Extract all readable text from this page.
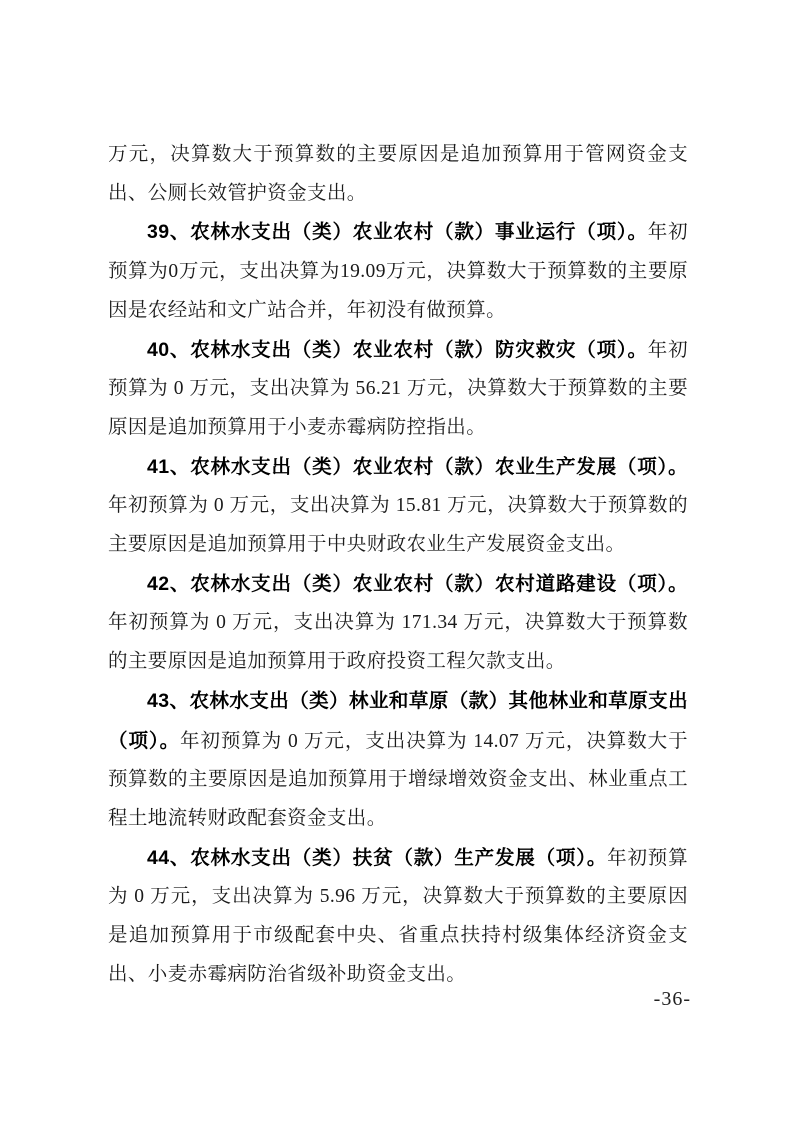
万元，决算数大于预算数的主要原因是追加预算用于管网资金支出、公厕长效管护资金支出。

39、农林水支出（类）农业农村（款）事业运行（项）。年初预算为0万元，支出决算为19.09万元，决算数大于预算数的主要原因是农经站和文广站合并，年初没有做预算。

40、农林水支出（类）农业农村（款）防灾救灾（项）。年初预算为 0 万元，支出决算为 56.21 万元，决算数大于预算数的主要原因是追加预算用于小麦赤霉病防控指出。

41、农林水支出（类）农业农村（款）农业生产发展（项）。年初预算为 0 万元，支出决算为 15.81 万元，决算数大于预算数的主要原因是追加预算用于中央财政农业生产发展资金支出。

42、农林水支出（类）农业农村（款）农村道路建设（项）。年初预算为 0 万元，支出决算为 171.34 万元，决算数大于预算数的主要原因是追加预算用于政府投资工程欠款支出。

43、农林水支出（类）林业和草原（款）其他林业和草原支出（项）。年初预算为 0 万元，支出决算为 14.07 万元，决算数大于预算数的主要原因是追加预算用于增绿增效资金支出、林业重点工程土地流转财政配套资金支出。

44、农林水支出（类）扶贫（款）生产发展（项）。年初预算为 0 万元，支出决算为 5.96 万元，决算数大于预算数的主要原因是追加预算用于市级配套中央、省重点扶持村级集体经济资金支出、小麦赤霉病防治省级补助资金支出。

-36-
